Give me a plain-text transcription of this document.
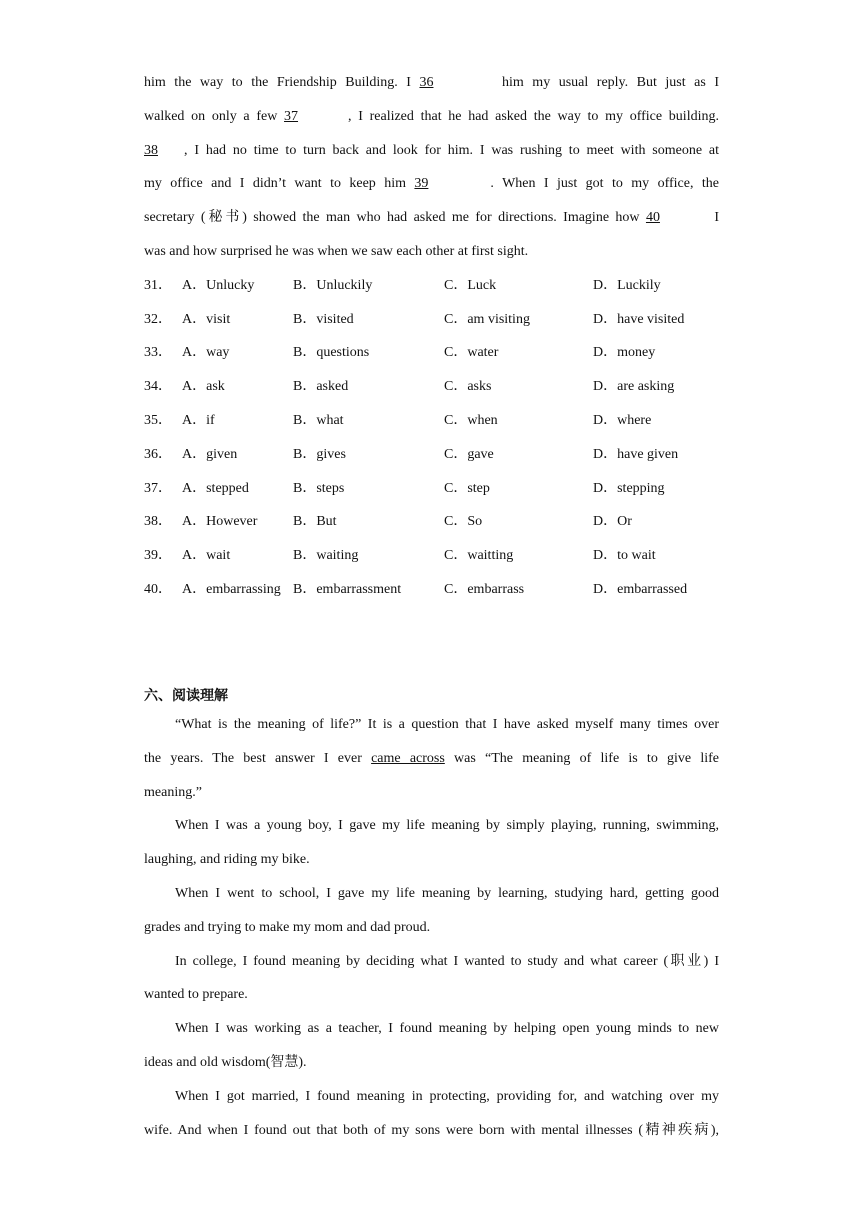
him the way to the Friendship Building. I 36	him my usual reply. But just as I
walked on only a few 37	, I realized that he had asked the way to my office building.
38 , I had no time to turn back and look for him. I was rushing to meet with someone at
my office and I didn’t want to keep him 39	. When I just got to my office, the
secretary (秘书) showed the man who had asked me for directions. Imagine how 40	I
was and how surprised he was when we saw each other at first sight.
31． A．Unlucky	B．Unluckily	C．Luck	D．Luckily
32． A．visit	B．visited	C．am visiting	D．have visited
33． A．way	B．questions	C．water	D．money
34． A．ask	B．asked	C．asks	D．are asking
35． A．if	B．what	C．when	D．where
36． A．given	B．gives	C．gave	D．have given
37． A．stepped	B．steps	C．step	D．stepping
38． A．However	B．But	C．So	D．Or
39． A．wait	B．waiting	C．waitting	D．to wait
40． A．embarrassing B．embarrassment	C．embarrass	D．embarrassed
六、阅读理解
“What is the meaning of life?” It is a question that I have asked myself many times over
the years. The best answer I ever came across was “The meaning of life is to give life
meaning.”
When I was a young boy, I gave my life meaning by simply playing, running, swimming,
laughing, and riding my bike.
When I went to school, I gave my life meaning by learning, studying hard, getting good
grades and trying to make my mom and dad proud.
In college, I found meaning by deciding what I wanted to study and what career (职业) I
wanted to prepare.
When I was working as a teacher, I found meaning by helping open young minds to new
ideas and old wisdom(智慧).
When I got married, I found meaning in protecting, providing for, and watching over my
wife. And when I found out that both of my sons were born with mental illnesses (精神疾病),
